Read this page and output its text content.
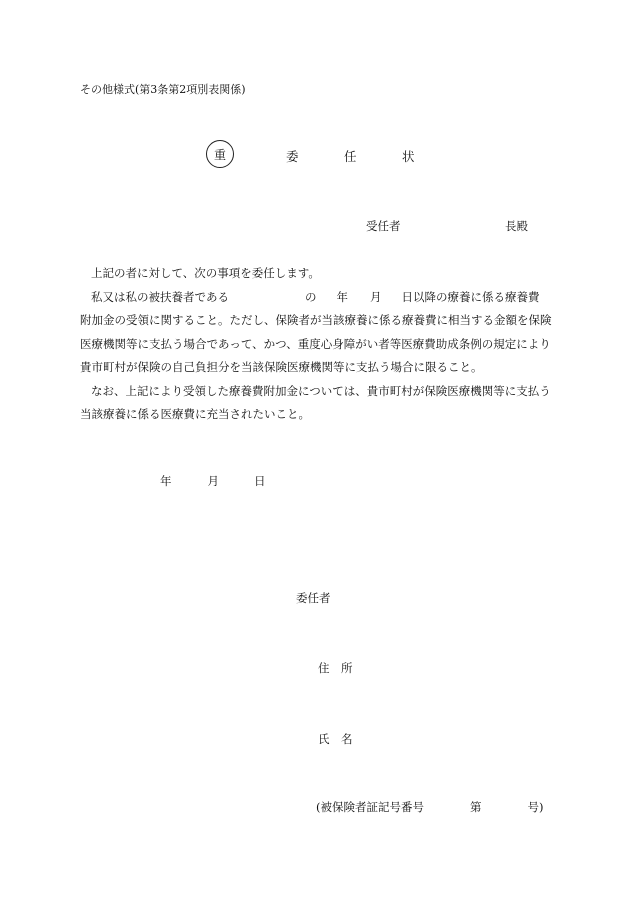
その他様式(第3条第2項別表関係)
重	委	任	状
受任者	長殿

上記の者に対して、次の事項を委任します。

私又は私の被扶養者である	の 年 月 日以降の療養に係る療養費

附加金の受領に関すること。ただし、保険者が当該療養に係る療養費に相当する金額を保険

医療機関等に支払う場合であって、かつ、重度心身障がい者等医療費助成条例の規定により

貴市町村が保険の自己負担分を当該保険医療機関等に支払う場合に限ること。

なお、上記により受領した療養費附加金については、貴市町村が保険医療機関等に支払う

当該療養に係る医療費に充当されたいこと。

年	月	日
委任者
住　所
氏　名
(被保険者証記号番号	第	号)
